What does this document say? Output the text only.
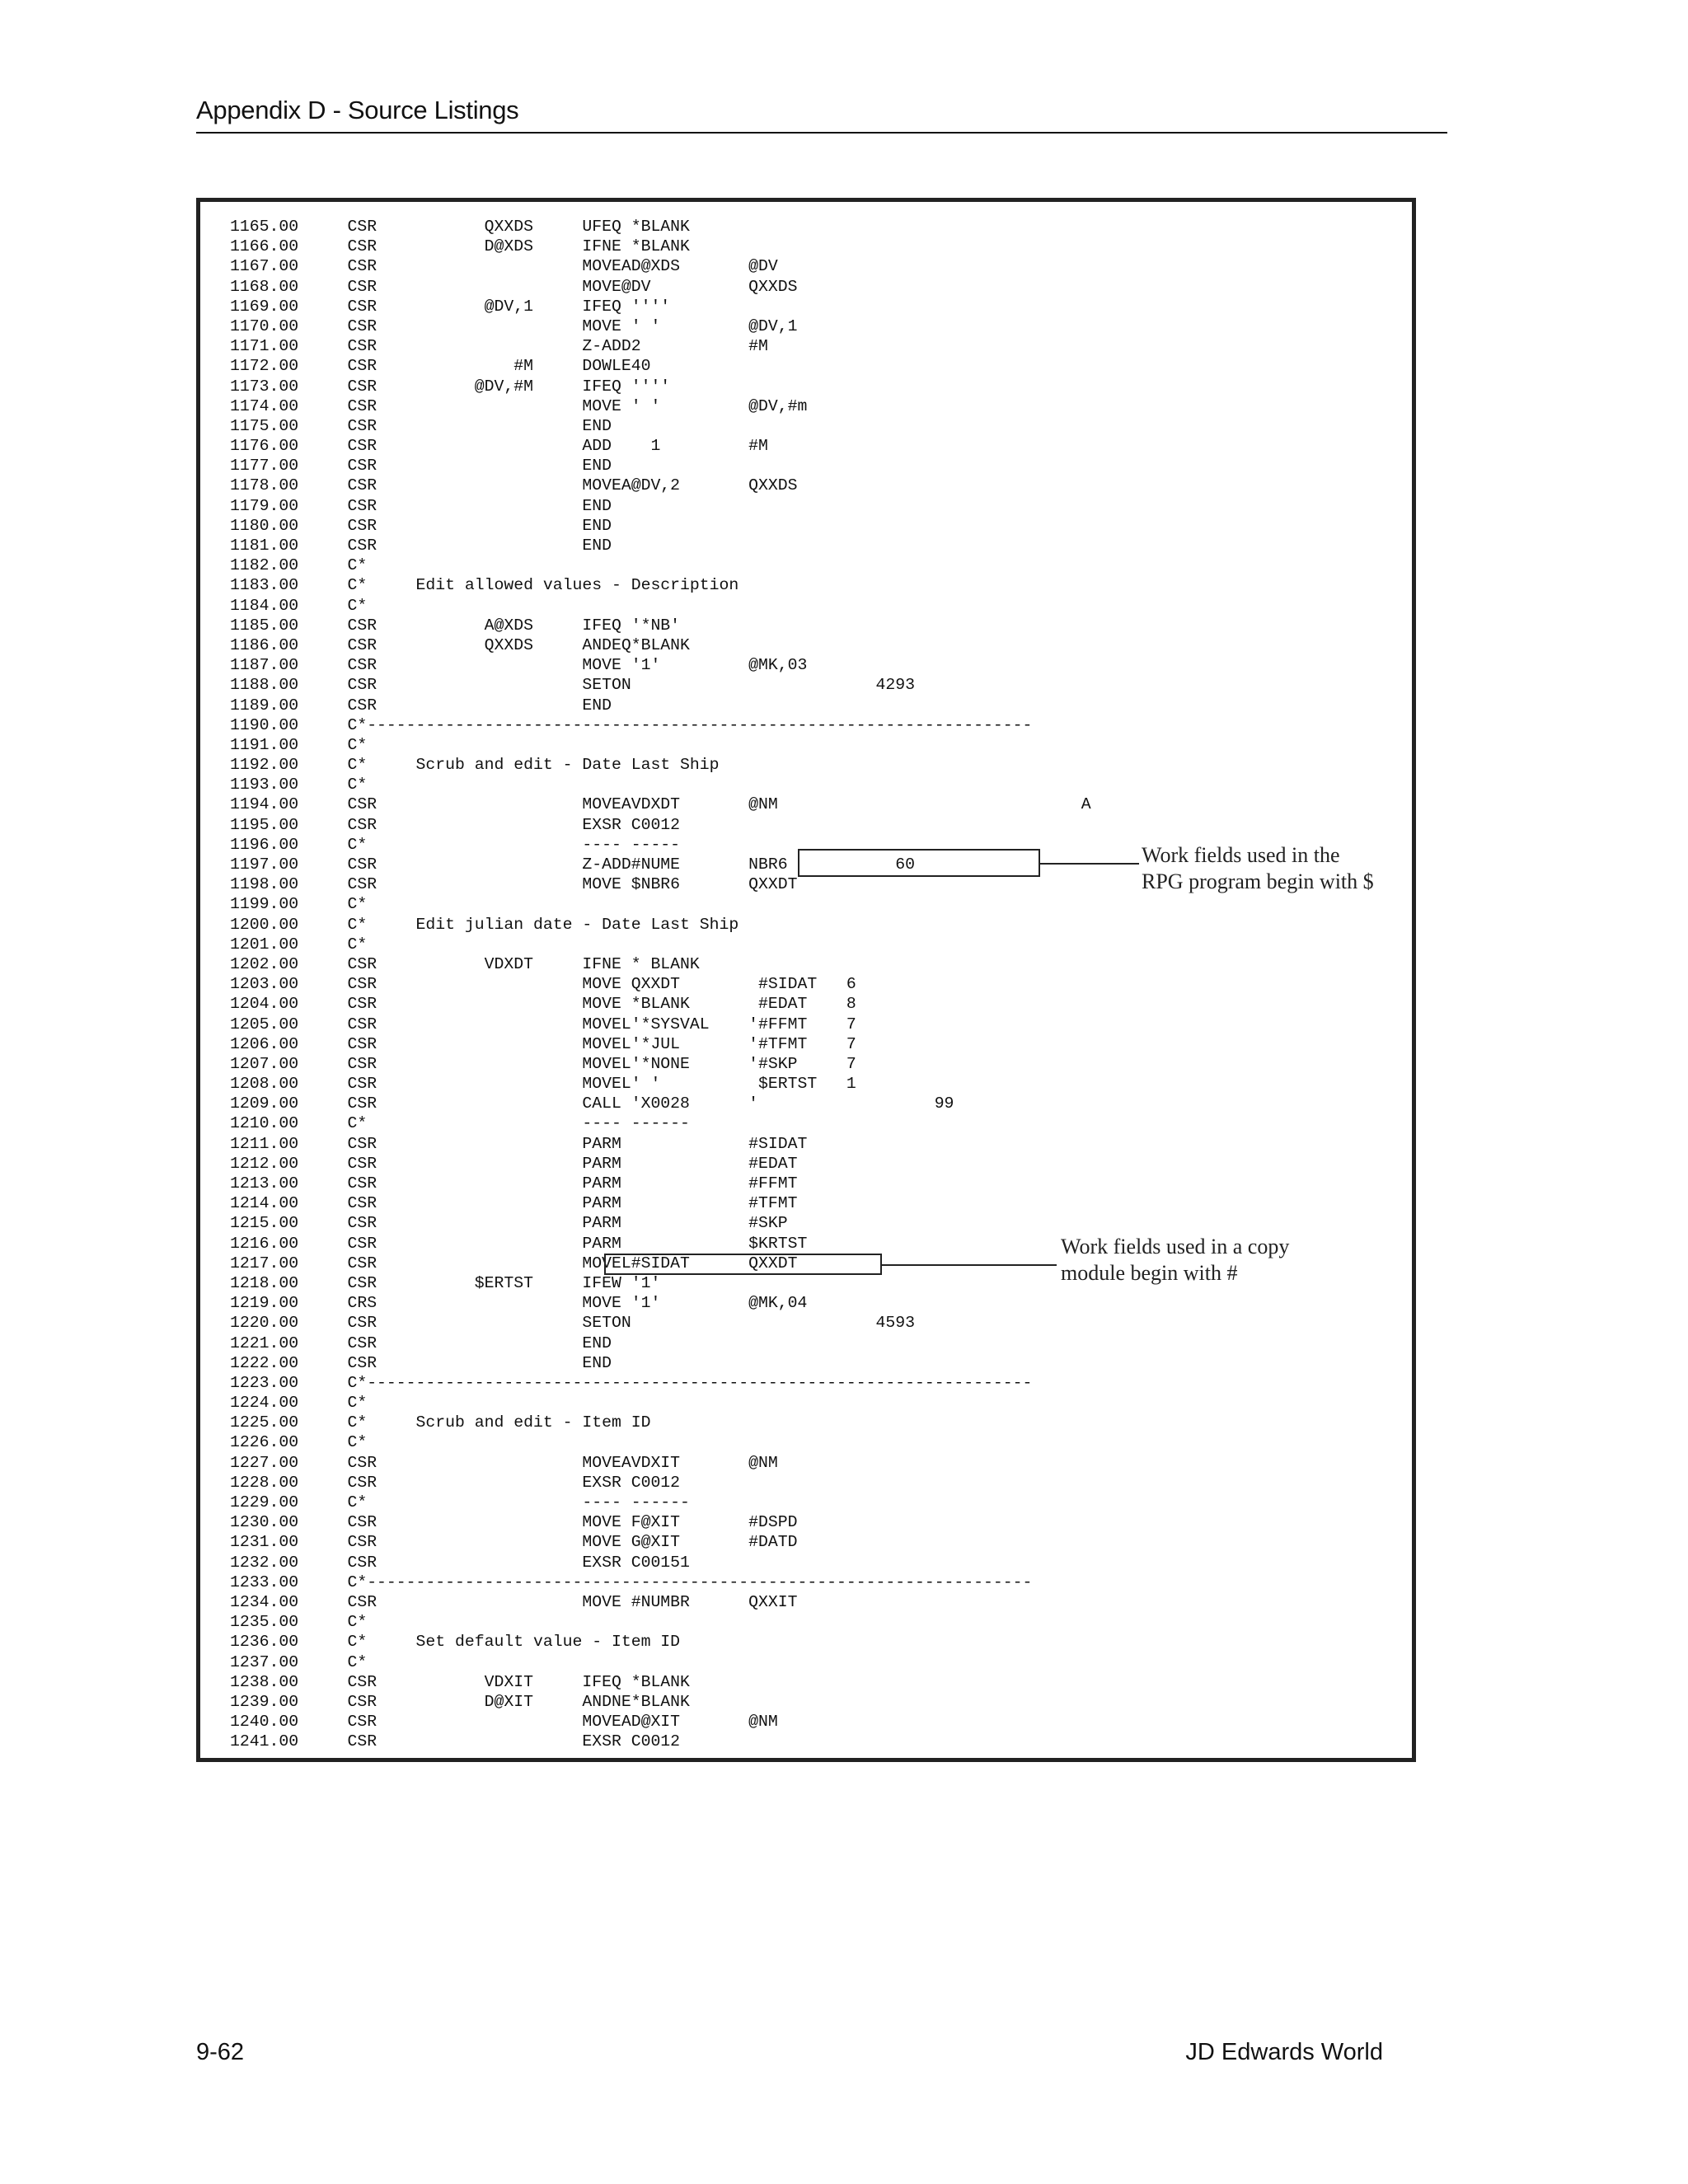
Appendix D - Source Listings
1165.00     CSR           QXXDS     UFEQ *BLANK
1166.00     CSR           D@XDS     IFNE *BLANK
1167.00     CSR                     MOVEAD@XDS       @DV
1168.00     CSR                     MOVE@DV          QXXDS
1169.00     CSR           @DV,1     IFEQ ''''
1170.00     CSR                     MOVE ' '         @DV,1
1171.00     CSR                     Z-ADD2           #M
1172.00     CSR              #M     DOWLE40
1173.00     CSR          @DV,#M     IFEQ ''''
1174.00     CSR                     MOVE ' '         @DV,#m
1175.00     CSR                     END
1176.00     CSR                     ADD    1         #M
1177.00     CSR                     END
1178.00     CSR                     MOVEA@DV,2       QXXDS
1179.00     CSR                     END
1180.00     CSR                     END
1181.00     CSR                     END
1182.00     C*
1183.00     C*     Edit allowed values - Description
1184.00     C*
1185.00     CSR           A@XDS     IFEQ '*NB'
1186.00     CSR           QXXDS     ANDEQ*BLANK
1187.00     CSR                     MOVE '1'         @MK,03
1188.00     CSR                     SETON                         4293
1189.00     CSR                     END
1190.00     C*--------------------------------------------------------------------
1191.00     C*
1192.00     C*     Scrub and edit - Date Last Ship
1193.00     C*
1194.00     CSR                     MOVEAVDXDT       @NM                               A
1195.00     CSR                     EXSR C0012
1196.00     C*                      ---- -----
1197.00     CSR                     Z-ADD#NUME       NBR6           60
1198.00     CSR                     MOVE $NBR6       QXXDT
1199.00     C*
1200.00     C*     Edit julian date - Date Last Ship
1201.00     C*
1202.00     CSR           VDXDT     IFNE * BLANK
1203.00     CSR                     MOVE QXXDT        #SIDAT   6
1204.00     CSR                     MOVE *BLANK       #EDAT    8
1205.00     CSR                     MOVEL'*SYSVAL    '#FFMT    7
1206.00     CSR                     MOVEL'*JUL       '#TFMT    7
1207.00     CSR                     MOVEL'*NONE      '#SKP     7
1208.00     CSR                     MOVEL' '          $ERTST   1
1209.00     CSR                     CALL 'X0028      '                  99
1210.00     C*                      ---- ------
1211.00     CSR                     PARM             #SIDAT
1212.00     CSR                     PARM             #EDAT
1213.00     CSR                     PARM             #FFMT
1214.00     CSR                     PARM             #TFMT
1215.00     CSR                     PARM             #SKP
1216.00     CSR                     PARM             $KRTST
1217.00     CSR                     MOVEL#SIDAT      QXXDT
1218.00     CSR          $ERTST     IFEW '1'
1219.00     CRS                     MOVE '1'         @MK,04
1220.00     CSR                     SETON                         4593
1221.00     CSR                     END
1222.00     CSR                     END
1223.00     C*--------------------------------------------------------------------
1224.00     C*
1225.00     C*     Scrub and edit - Item ID
1226.00     C*
1227.00     CSR                     MOVEAVDXIT       @NM
1228.00     CSR                     EXSR C0012
1229.00     C*                      ---- ------
1230.00     CSR                     MOVE F@XIT       #DSPD
1231.00     CSR                     MOVE G@XIT       #DATD
1232.00     CSR                     EXSR C00151
1233.00     C*--------------------------------------------------------------------
1234.00     CSR                     MOVE #NUMBR      QXXIT
1235.00     C*
1236.00     C*     Set default value - Item ID
1237.00     C*
1238.00     CSR           VDXIT     IFEQ *BLANK
1239.00     CSR           D@XIT     ANDNE*BLANK
1240.00     CSR                     MOVEAD@XIT       @NM
1241.00     CSR                     EXSR C0012
Work fields used in the
RPG program begin with $
Work fields used in a copy
module begin with #
9-62	JD Edwards World
